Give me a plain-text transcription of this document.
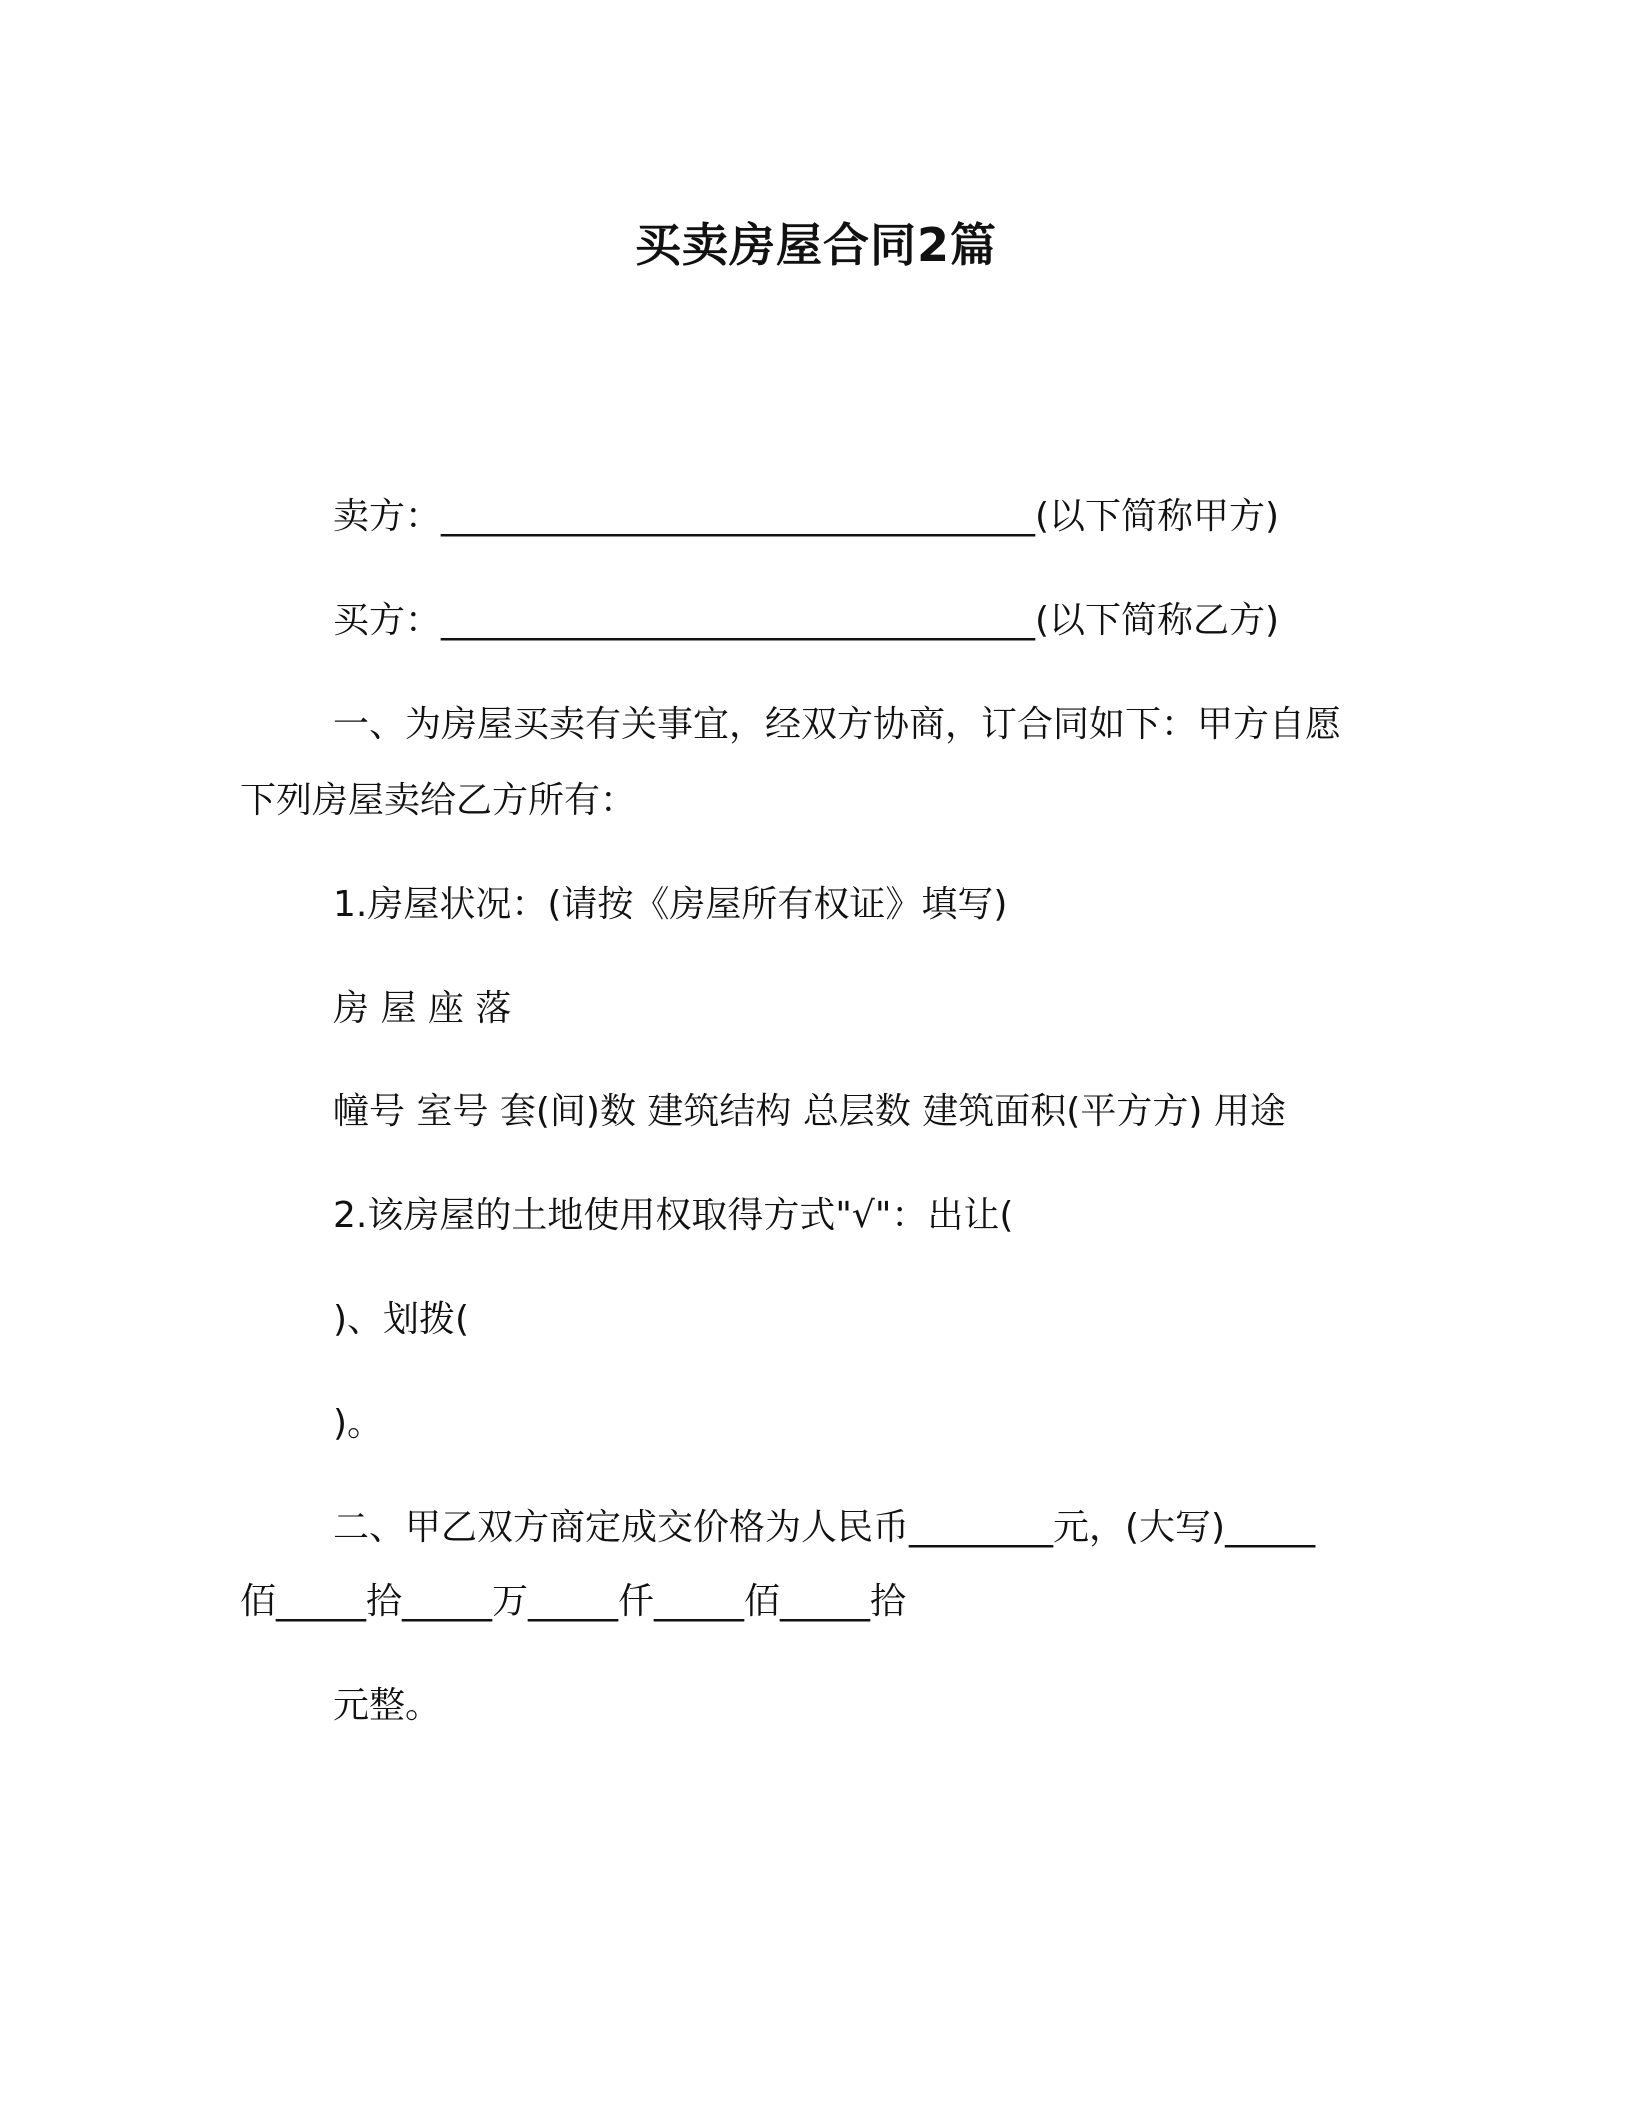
买卖房屋合同2篇
卖方：_________________________________(以下简称甲方)
买方：_________________________________(以下简称乙方)
一、为房屋买卖有关事宜，经双方协商，订合同如下：甲方自愿
下列房屋卖给乙方所有：
1.房屋状况：(请按《房屋所有权证》填写)
房 屋 座 落
幢号 室号 套(间)数 建筑结构 总层数 建筑面积(平方方) 用途
2.该房屋的土地使用权取得方式"√"：出让(
)、划拨(
)。
二、甲乙双方商定成交价格为人民币________元，(大写)_____
佰_____拾_____万_____仟_____佰_____拾
元整。
